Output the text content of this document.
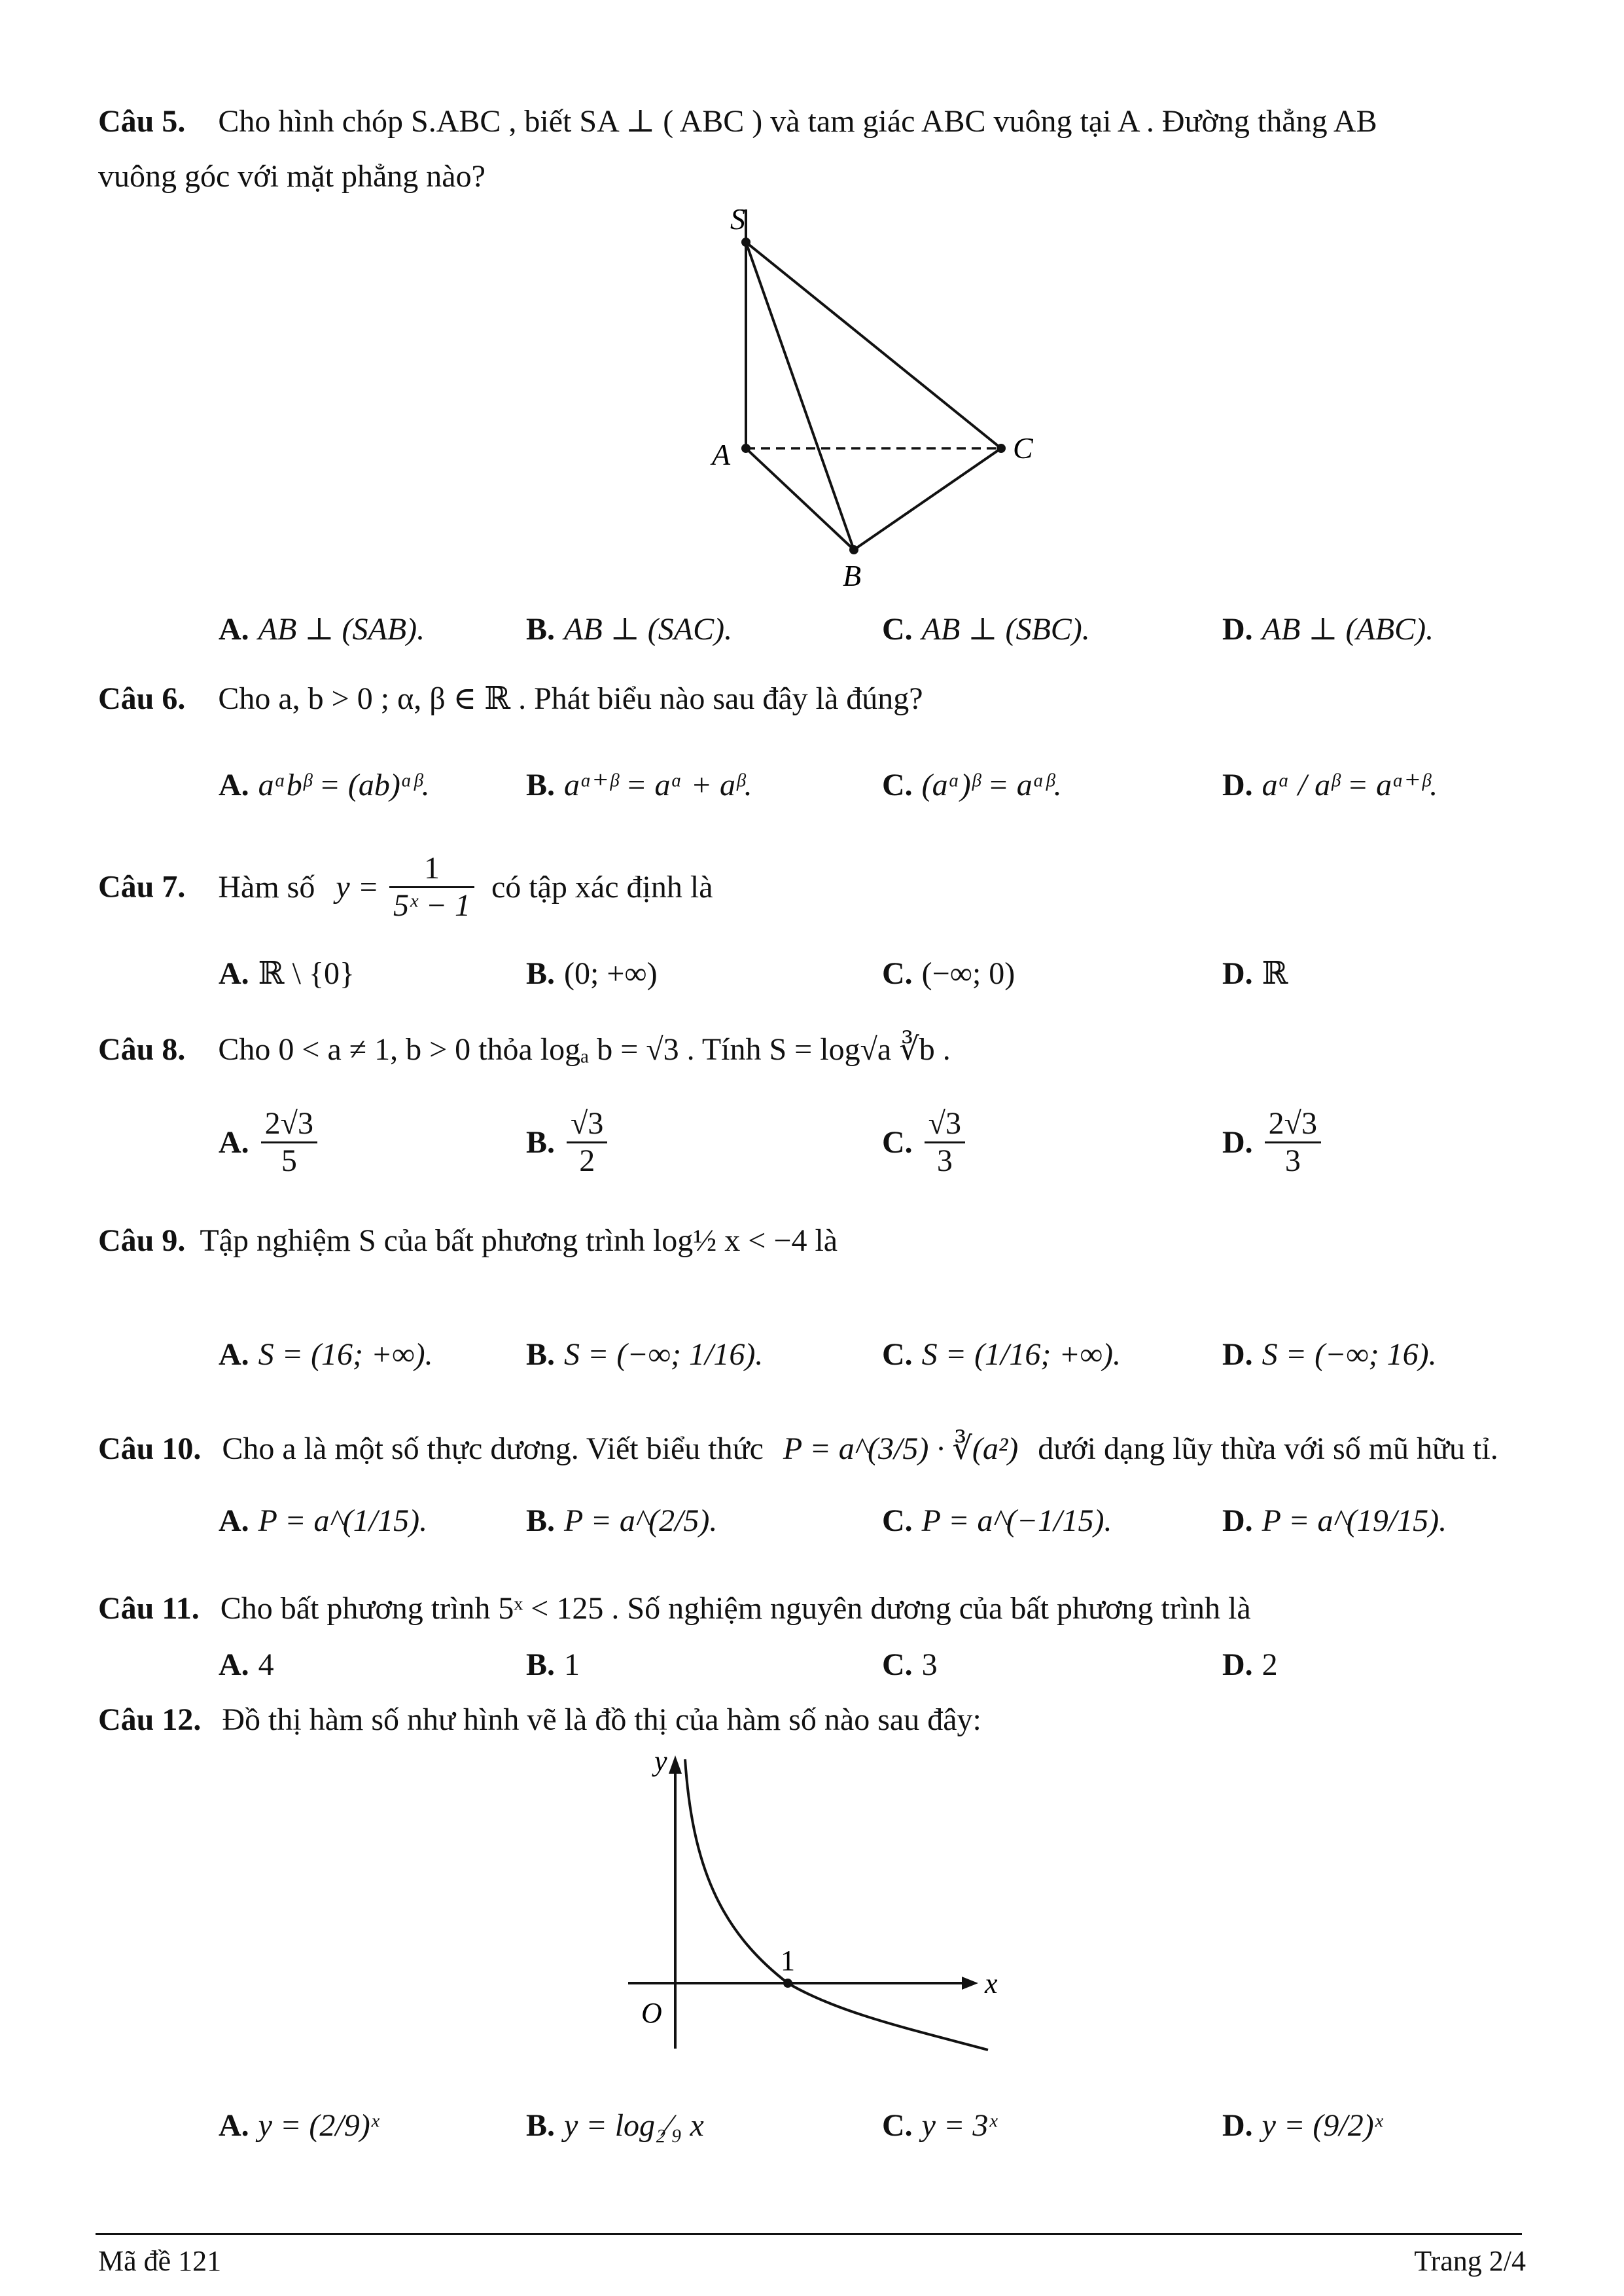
Câu 5. Cho hình chóp S.ABC , biết SA ⊥ ( ABC ) và tam giác ABC vuông tại A . Đường thẳng AB
vuông góc với mặt phẳng nào?
S
A	C
B
A. AB ⊥ (SAB).	B. AB ⊥ (SAC).	C. AB ⊥ (SBC).	D. AB ⊥ (ABC).
Câu 6. Cho a, b > 0 ; α, β ∈ ℝ . Phát biểu nào sau đây là đúng?
A. aᵅbᵝ = (ab)ᵅᵝ.	B. aᵅ⁺ᵝ = aᵅ + aᵝ.	C. (aᵅ)ᵝ = aᵅᵝ.	D. aᵅ / aᵝ = aᵅ⁺ᵝ.
Câu 7. Hàm số $y = \frac{1}{\text{5ˣ − 1}}$ có tập xác định là
A. ℝ \ {0}	B. (0; +∞)	C. (−∞; 0)	D. ℝ
Câu 8. Cho 0 < a ≠ 1, b > 0 thỏa logₐ b = √3 . Tính S = log√a ∛b .
A. $\frac{2√3}{5}$	B. $\frac{√3}{2}$	C. $\frac{√3}{3}$	D. $\frac{2√3}{3}$
Câu 9. Tập nghiệm S của bất phương trình log½ x < −4 là
A. S = (16; +∞).	B. S = (−∞; 1/16).	C. S = (1/16; +∞).	D. S = (−∞; 16).
Câu 10. Cho a là một số thực dương. Viết biểu thức P = a^(3/5) · ∛(a²) dưới dạng lũy thừa với số mũ hữu tỉ.
A. P = a^(1/15).	B. P = a^(2/5).	C. P = a^(−1/15).	D. P = a^(19/15).
Câu 11. Cho bất phương trình 5ˣ < 125 . Số nghiệm nguyên dương của bất phương trình là
A. 4	B. 1	C. 3	D. 2
Câu 12. Đồ thị hàm số như hình vẽ là đồ thị của hàm số nào sau đây:
y
x
O
1
A. y = (2/9)ˣ	B. y = log₂⁄₉ x	C. y = 3ˣ	D. y = (9/2)ˣ
Mã đề 121	Trang 2/4
